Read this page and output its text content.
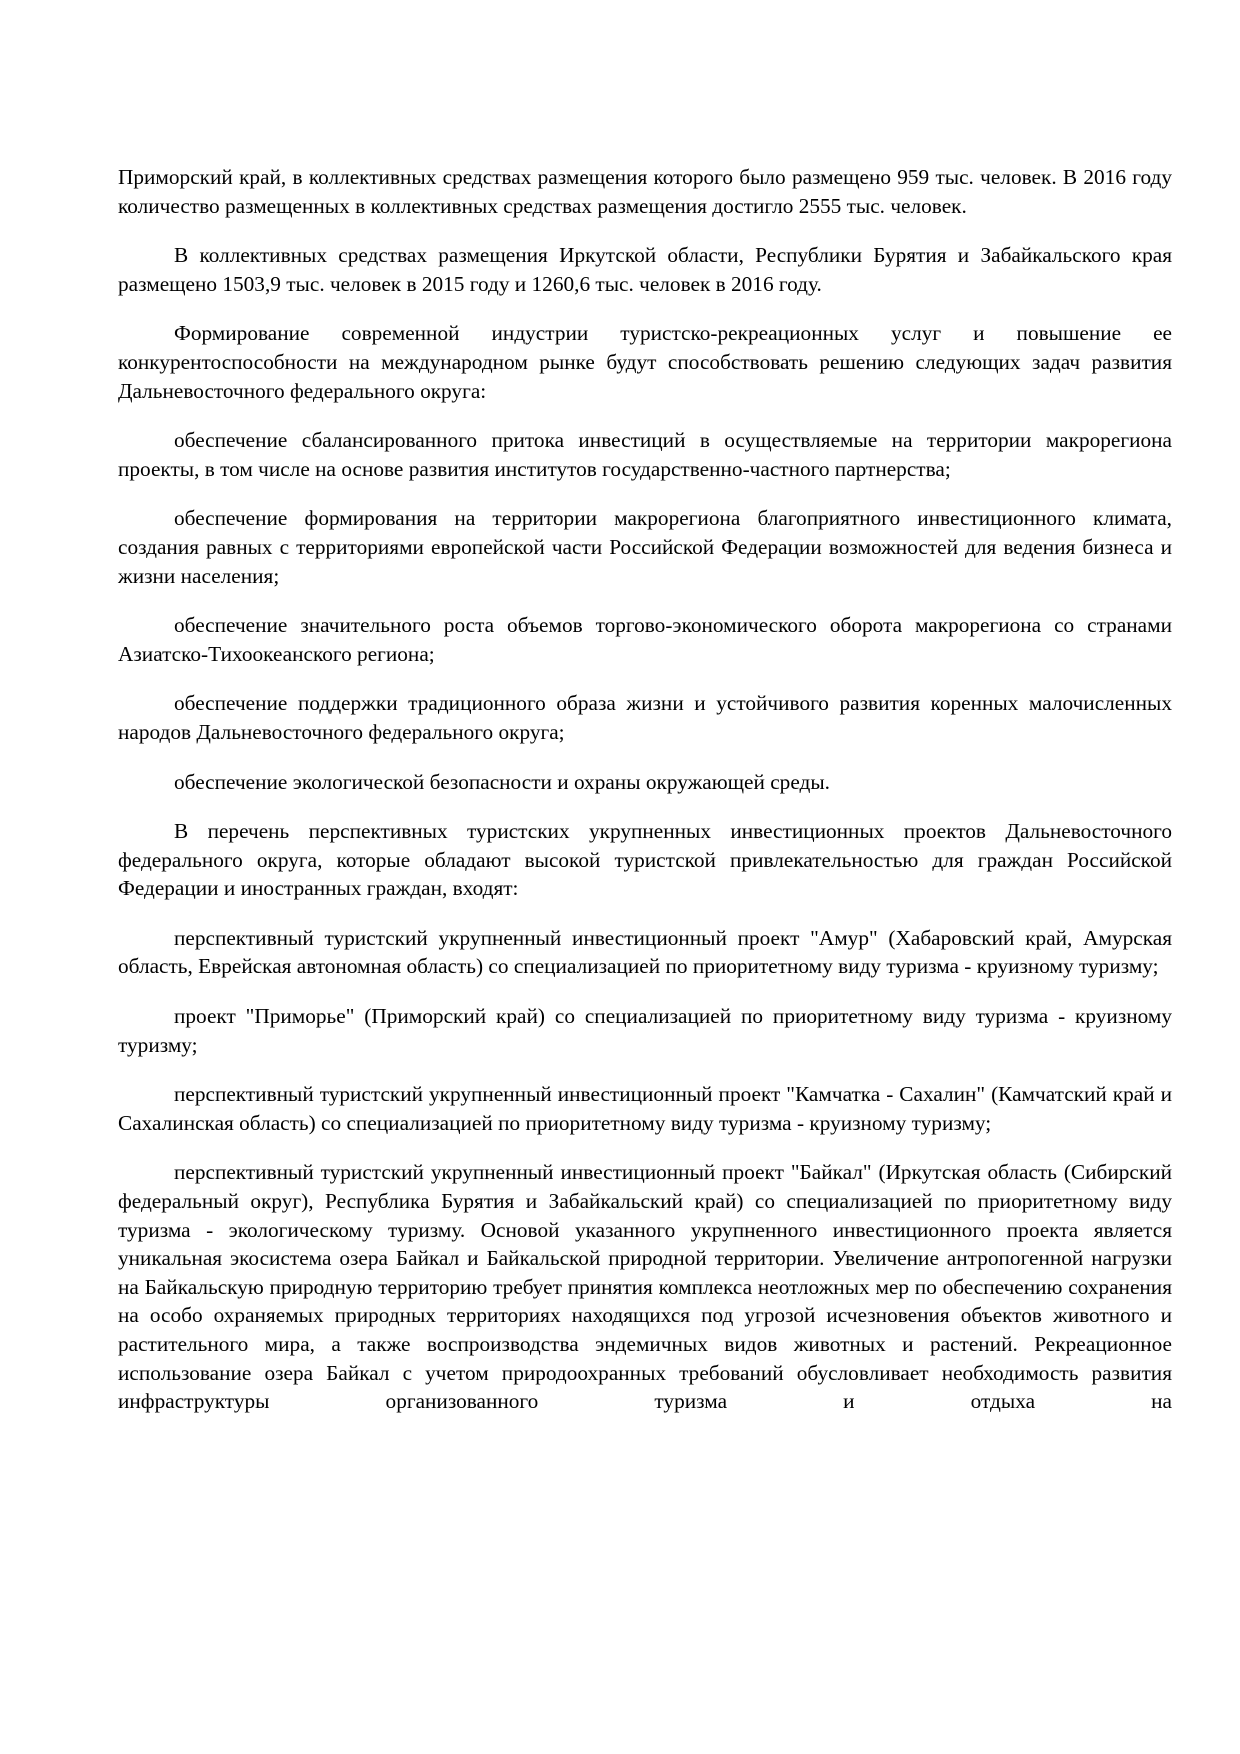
Приморский край, в коллективных средствах размещения которого было размещено 959 тыс. человек. В 2016 году количество размещенных в коллективных средствах размещения достигло 2555 тыс. человек.

В коллективных средствах размещения Иркутской области, Республики Бурятия и Забайкальского края размещено 1503,9 тыс. человек в 2015 году и 1260,6 тыс. человек в 2016 году.

Формирование современной индустрии туристско-рекреационных услуг и повышение ее конкурентоспособности на международном рынке будут способствовать решению следующих задач развития Дальневосточного федерального округа:

обеспечение сбалансированного притока инвестиций в осуществляемые на территории макрорегиона проекты, в том числе на основе развития институтов государственно-частного партнерства;

обеспечение формирования на территории макрорегиона благоприятного инвестиционного климата, создания равных с территориями европейской части Российской Федерации возможностей для ведения бизнеса и жизни населения;

обеспечение значительного роста объемов торгово-экономического оборота макрорегиона со странами Азиатско-Тихоокеанского региона;

обеспечение поддержки традиционного образа жизни и устойчивого развития коренных малочисленных народов Дальневосточного федерального округа;

обеспечение экологической безопасности и охраны окружающей среды.

В перечень перспективных туристских укрупненных инвестиционных проектов Дальневосточного федерального округа, которые обладают высокой туристской привлекательностью для граждан Российской Федерации и иностранных граждан, входят:

перспективный туристский укрупненный инвестиционный проект "Амур" (Хабаровский край, Амурская область, Еврейская автономная область) со специализацией по приоритетному виду туризма - круизному туризму;

проект "Приморье" (Приморский край) со специализацией по приоритетному виду туризма - круизному туризму;

перспективный туристский укрупненный инвестиционный проект "Камчатка - Сахалин" (Камчатский край и Сахалинская область) со специализацией по приоритетному виду туризма - круизному туризму;

перспективный туристский укрупненный инвестиционный проект "Байкал" (Иркутская область (Сибирский федеральный округ), Республика Бурятия и Забайкальский край) со специализацией по приоритетному виду туризма - экологическому туризму. Основой указанного укрупненного инвестиционного проекта является уникальная экосистема озера Байкал и Байкальской природной территории. Увеличение антропогенной нагрузки на Байкальскую природную территорию требует принятия комплекса неотложных мер по обеспечению сохранения на особо охраняемых природных территориях находящихся под угрозой исчезновения объектов животного и растительного мира, а также воспроизводства эндемичных видов животных и растений. Рекреационное использование озера Байкал с учетом природоохранных требований обусловливает необходимость развития инфраструктуры организованного туризма и отдыха на
